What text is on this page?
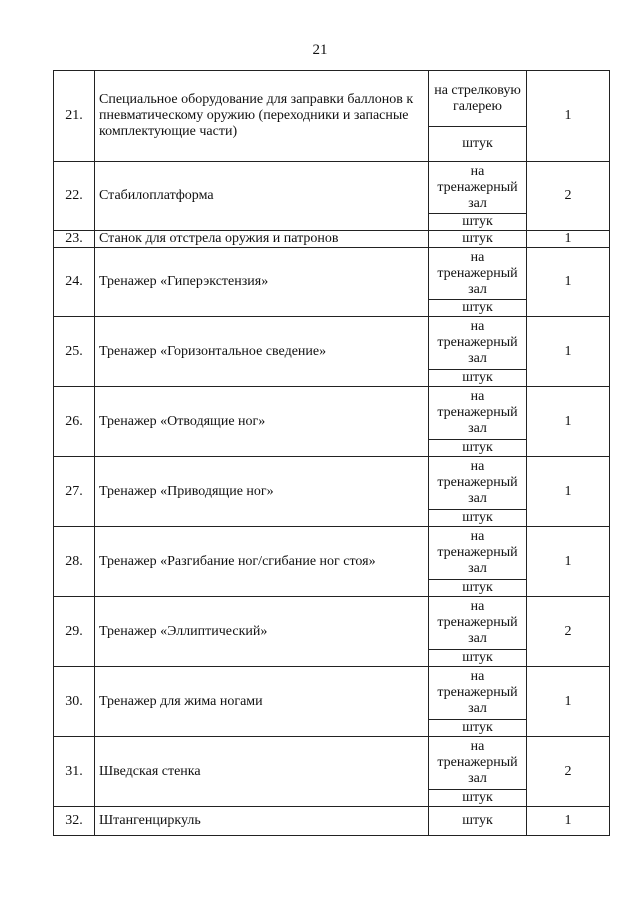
21
21.	Специальное оборудование для заправки баллонов к пневматическому оружию (переходники и запасные комплектующие части)	на стрелковую галерею	1
		штук	
22.	Стабилоплатформа	на тренажерный зал	2
		штук	
23.	Станок для отстрела оружия и патронов	штук	1
24.	Тренажер «Гиперэкстензия»	на тренажерный зал	1
		штук	
25.	Тренажер «Горизонтальное сведение»	на тренажерный зал	1
		штук	
26.	Тренажер «Отводящие ног»	на тренажерный зал	1
		штук	
27.	Тренажер «Приводящие ног»	на тренажерный зал	1
		штук	
28.	Тренажер «Разгибание ног/сгибание ног стоя»	на тренажерный зал	1
		штук	
29.	Тренажер «Эллиптический»	на тренажерный зал	2
		штук	
30.	Тренажер для жима ногами	на тренажерный зал	1
		штук	
31.	Шведская стенка	на тренажерный зал	2
		штук	
32.	Штангенциркуль	штук	1
